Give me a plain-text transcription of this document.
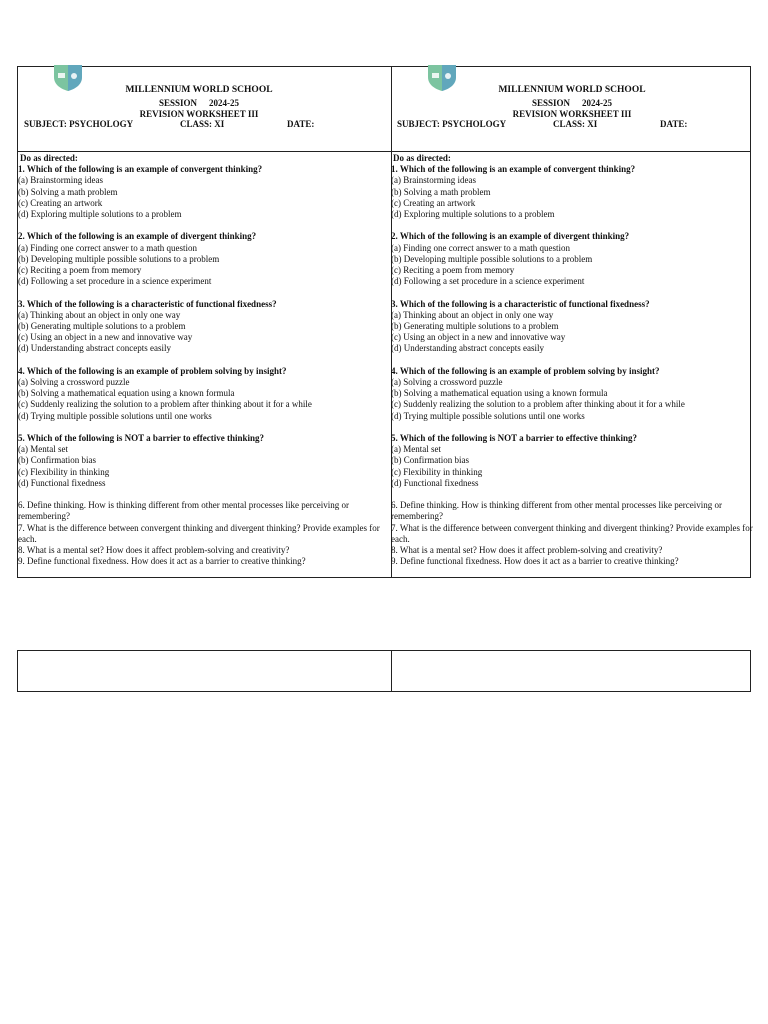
MILLENNIUM WORLD SCHOOL
SESSION 2024-25
REVISION WORKSHEET III
SUBJECT: PSYCHOLOGY	CLASS: XI	DATE:
Do as directed:
1. Which of the following is an example of convergent thinking?
(a) Brainstorming ideas
(b) Solving a math problem
(c) Creating an artwork
(d) Exploring multiple solutions to a problem
2. Which of the following is an example of divergent thinking?
(a) Finding one correct answer to a math question
(b) Developing multiple possible solutions to a problem
(c) Reciting a poem from memory
(d) Following a set procedure in a science experiment
3. Which of the following is a characteristic of functional fixedness?
(a) Thinking about an object in only one way
(b) Generating multiple solutions to a problem
(c) Using an object in a new and innovative way
(d) Understanding abstract concepts easily
4. Which of the following is an example of problem solving by insight?
(a) Solving a crossword puzzle
(b) Solving a mathematical equation using a known formula
(c) Suddenly realizing the solution to a problem after thinking about it for a while
(d) Trying multiple possible solutions until one works
5. Which of the following is NOT a barrier to effective thinking?
(a) Mental set
(b) Confirmation bias
(c) Flexibility in thinking
(d) Functional fixedness
6. Define thinking. How is thinking different from other mental processes like perceiving or remembering?
7. What is the difference between convergent thinking and divergent thinking? Provide examples for each.
8. What is a mental set? How does it affect problem-solving and creativity?
9. Define functional fixedness. How does it act as a barrier to creative thinking?
MILLENNIUM WORLD SCHOOL
SESSION 2024-25
REVISION WORKSHEET III
SUBJECT: PSYCHOLOGY	CLASS: XI	DATE:
Do as directed:
1. Which of the following is an example of convergent thinking?
(a) Brainstorming ideas
(b) Solving a math problem
(c) Creating an artwork
(d) Exploring multiple solutions to a problem
2. Which of the following is an example of divergent thinking?
(a) Finding one correct answer to a math question
(b) Developing multiple possible solutions to a problem
(c) Reciting a poem from memory
(d) Following a set procedure in a science experiment
3. Which of the following is a characteristic of functional fixedness?
(a) Thinking about an object in only one way
(b) Generating multiple solutions to a problem
(c) Using an object in a new and innovative way
(d) Understanding abstract concepts easily
4. Which of the following is an example of problem solving by insight?
(a) Solving a crossword puzzle
(b) Solving a mathematical equation using a known formula
(c) Suddenly realizing the solution to a problem after thinking about it for a while
(d) Trying multiple possible solutions until one works
5. Which of the following is NOT a barrier to effective thinking?
(a) Mental set
(b) Confirmation bias
(c) Flexibility in thinking
(d) Functional fixedness
6. Define thinking. How is thinking different from other mental processes like perceiving or remembering?
7. What is the difference between convergent thinking and divergent thinking? Provide examples for each.
8. What is a mental set? How does it affect problem-solving and creativity?
9. Define functional fixedness. How does it act as a barrier to creative thinking?
